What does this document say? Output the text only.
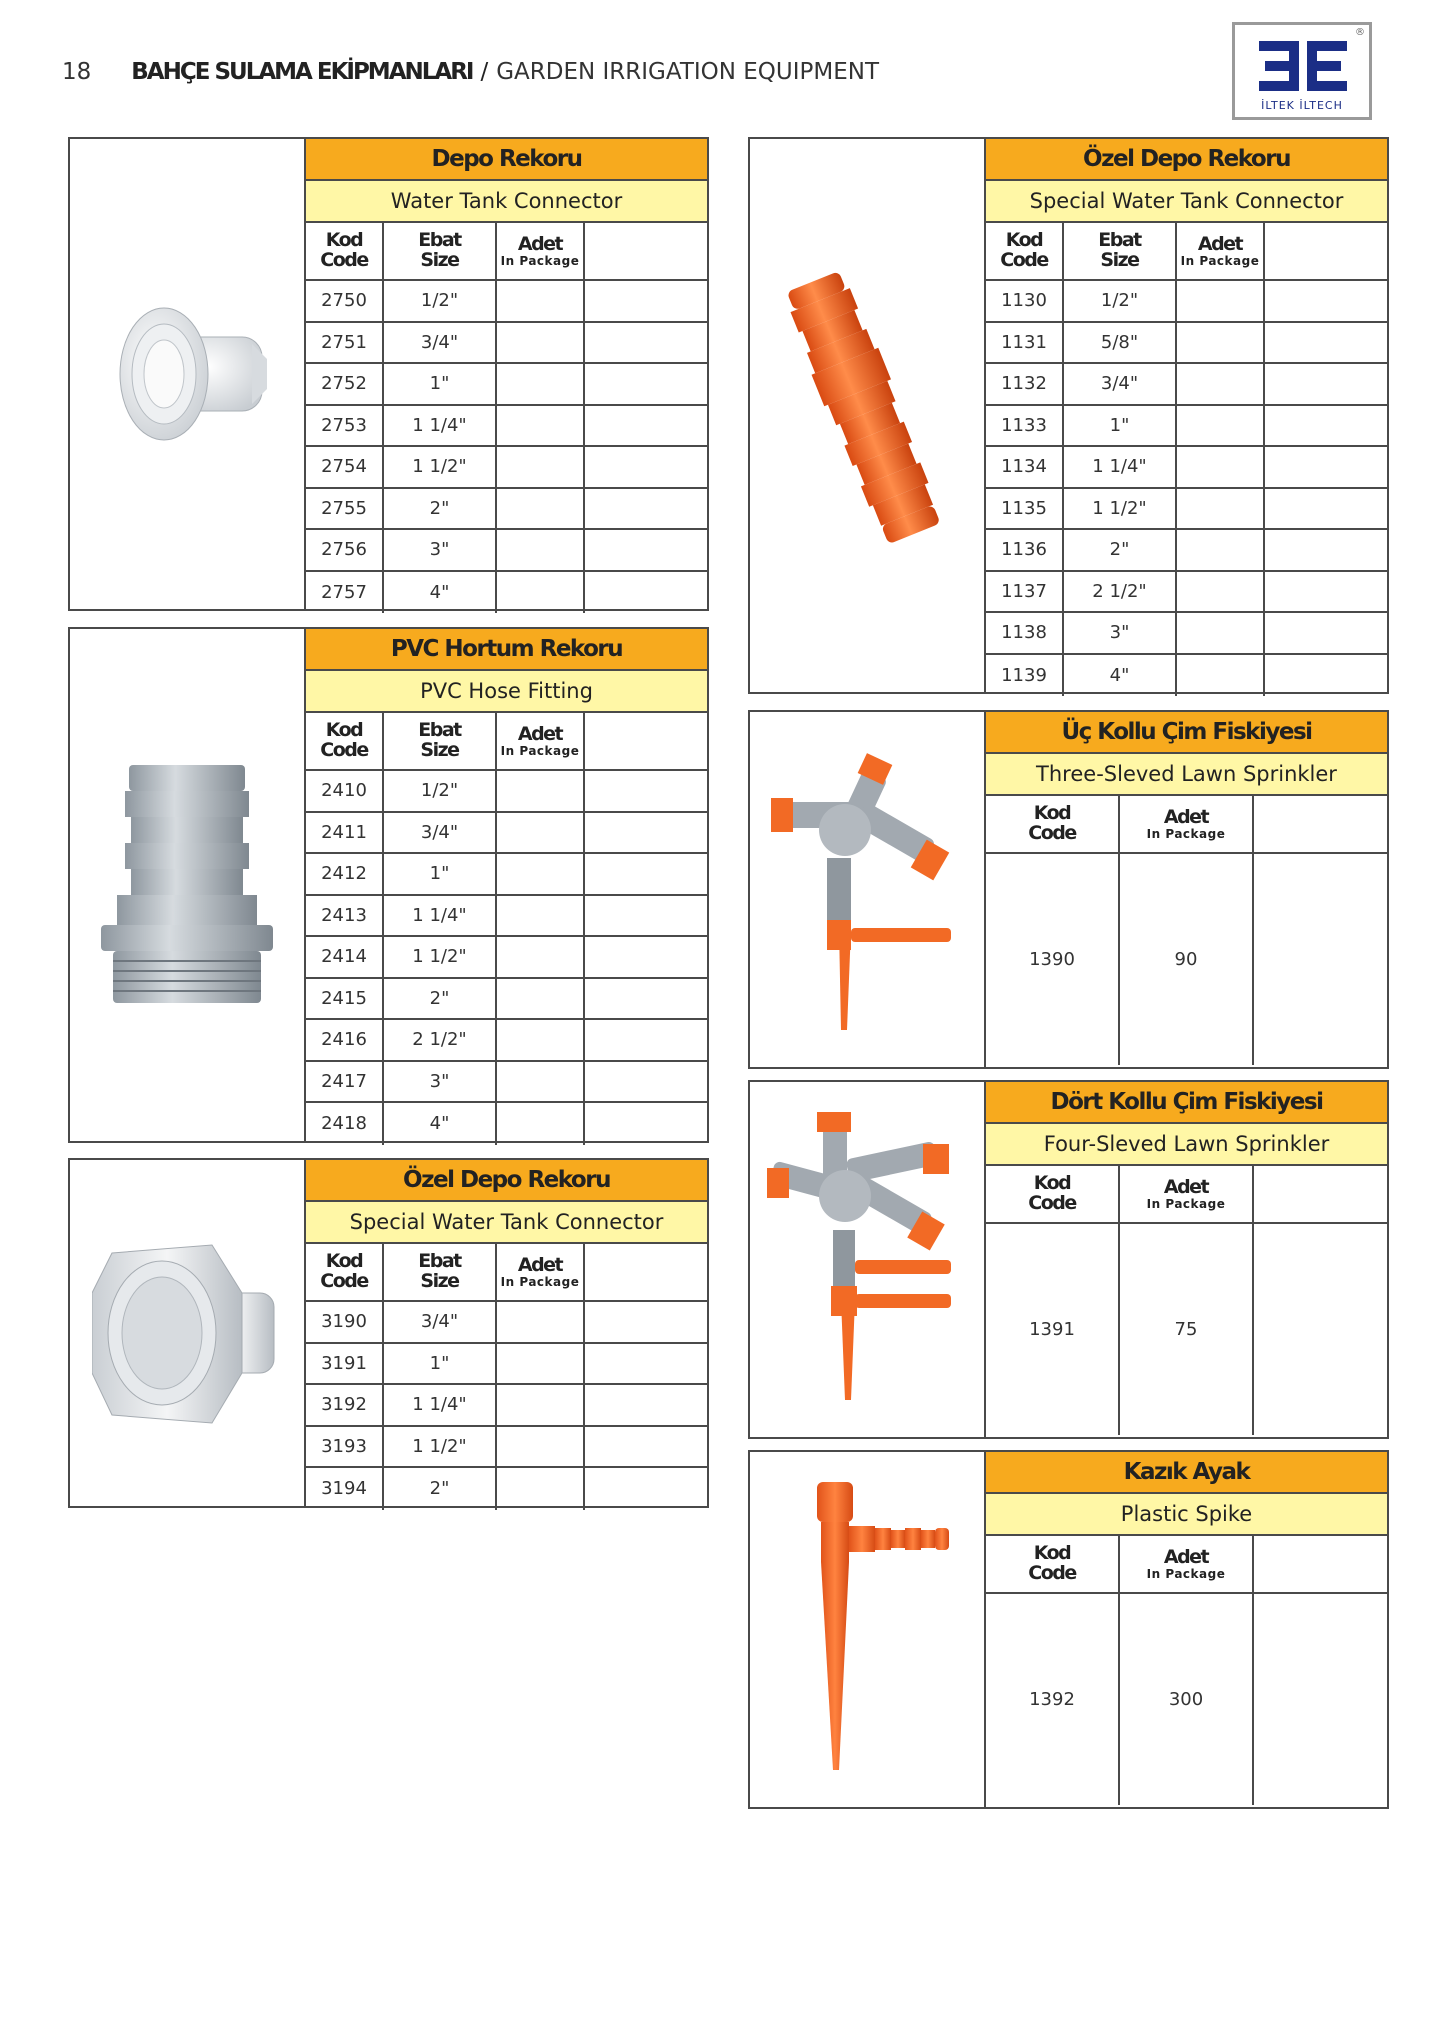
18 BAHÇE SULAMA EKİPMANLARI / GARDEN IRRIGATION EQUIPMENT
İLTEK İLTECH
®
Depo Rekoru
Water Tank Connector
Kod
Code
Ebat
Size
Adet
In Package
2750	1/2"
2751	3/4"
2752	1"
2753	1 1/4"
2754	1 1/2"
2755	2"
2756	3"
2757	4"
PVC Hortum Rekoru
PVC Hose Fitting
Kod
Code
Ebat
Size
Adet
In Package
2410	1/2"
2411	3/4"
2412	1"
2413	1 1/4"
2414	1 1/2"
2415	2"
2416	2 1/2"
2417	3"
2418	4"
Özel Depo Rekoru
Special Water Tank Connector
Kod
Code
Ebat
Size
Adet
In Package
3190	3/4"
3191	1"
3192	1 1/4"
3193	1 1/2"
3194	2"
Özel Depo Rekoru
Special Water Tank Connector
Kod
Code
Ebat
Size
Adet
In Package
1130	1/2"
1131	5/8"
1132	3/4"
1133	1"
1134	1 1/4"
1135	1 1/2"
1136	2"
1137	2 1/2"
1138	3"
1139	4"
Üç Kollu Çim Fiskiyesi
Three-Sleved Lawn Sprinkler
Kod
Code
Adet
In Package
1390	90
Dört Kollu Çim Fiskiyesi
Four-Sleved Lawn Sprinkler
Kod
Code
Adet
In Package
1391	75
Kazık Ayak
Plastic Spike
Kod
Code
Adet
In Package
1392	300
